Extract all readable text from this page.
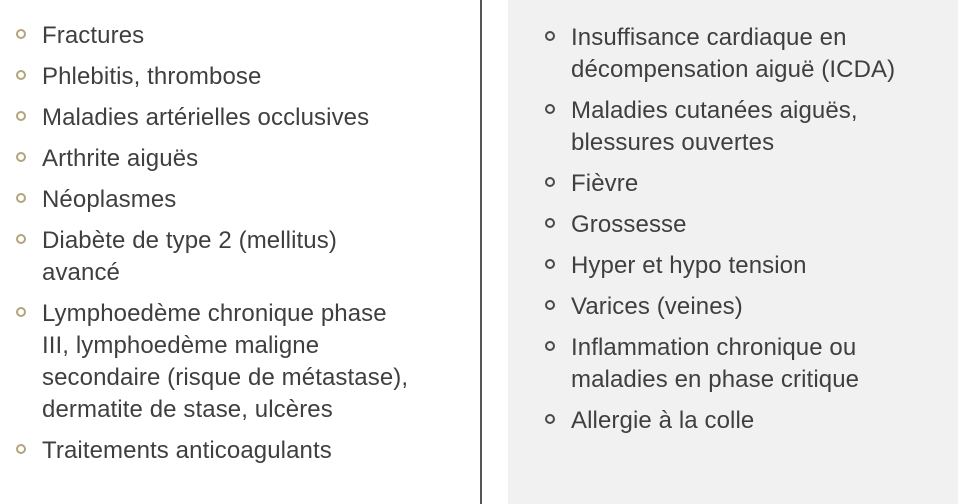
Fractures
Phlebitis, thrombose
Maladies artérielles occlusives
Arthrite aiguës
Néoplasmes
Diabète de type 2 (mellitus) avancé
Lymphoedème chronique phase III, lymphoedème maligne secondaire (risque de métastase), dermatite de stase, ulcères
Traitements anticoagulants
Insuffisance cardiaque en décompensation aiguë (ICDA)
Maladies cutanées aiguës, blessures ouvertes
Fièvre
Grossesse
Hyper et hypo tension
Varices (veines)
Inflammation chronique ou maladies en phase critique
Allergie à la colle
